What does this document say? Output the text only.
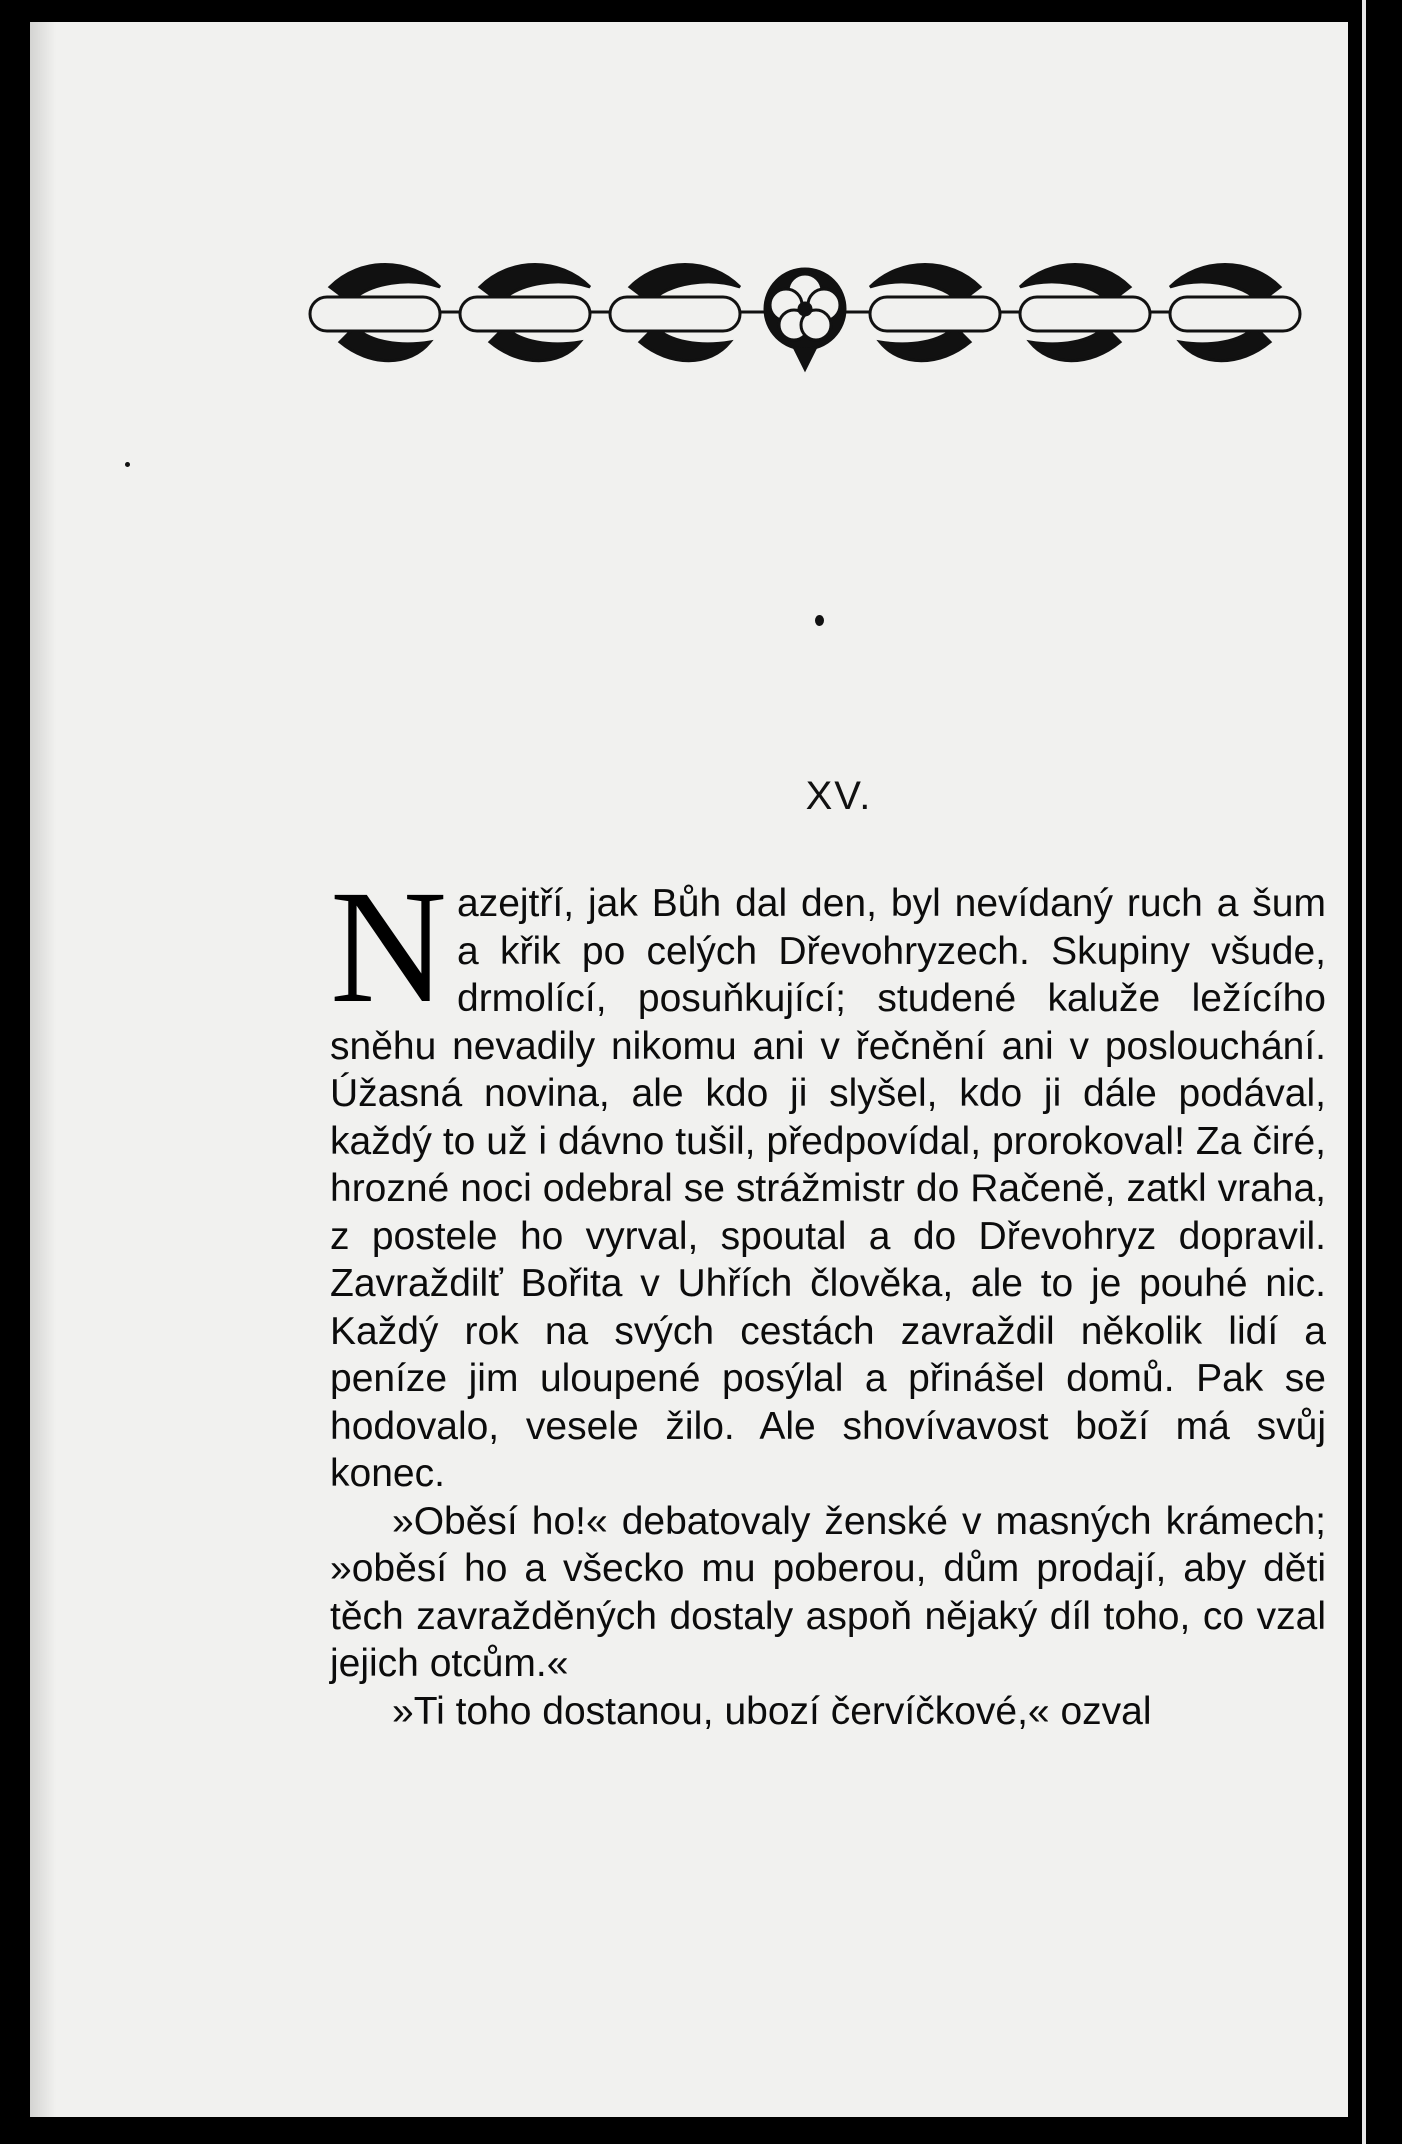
XV.

Nazejtří, jak Bůh dal den, byl nevídaný ruch a šum a křik po celých Dřevohryzech. Skupiny všude, drmolící, posuňkující; studené kaluže ležícího sněhu nevadily nikomu ani v řečnění ani v poslouchání. Úžasná novina, ale kdo ji slyšel, kdo ji dále podával, každý to už i dávno tušil, předpovídal, prorokoval! Za čiré, hrozné noci odebral se strážmistr do Račeně, zatkl vraha, z postele ho vyrval, spoutal a do Dřevohryz dopravil. Zavraždilť Bořita v Uhřích člověka, ale to je pouhé nic. Každý rok na svých cestách zavraždil několik lidí a peníze jim uloupené posýlal a přinášel domů. Pak se hodovalo, vesele žilo. Ale shovívavost boží má svůj konec.

»Oběsí ho!« debatovaly ženské v masných krámech; »oběsí ho a všecko mu poberou, dům prodají, aby děti těch zavražděných dostaly aspoň nějaký díl toho, co vzal jejich otcům.«

»Ti toho dostanou, ubozí červíčkové,« ozval
